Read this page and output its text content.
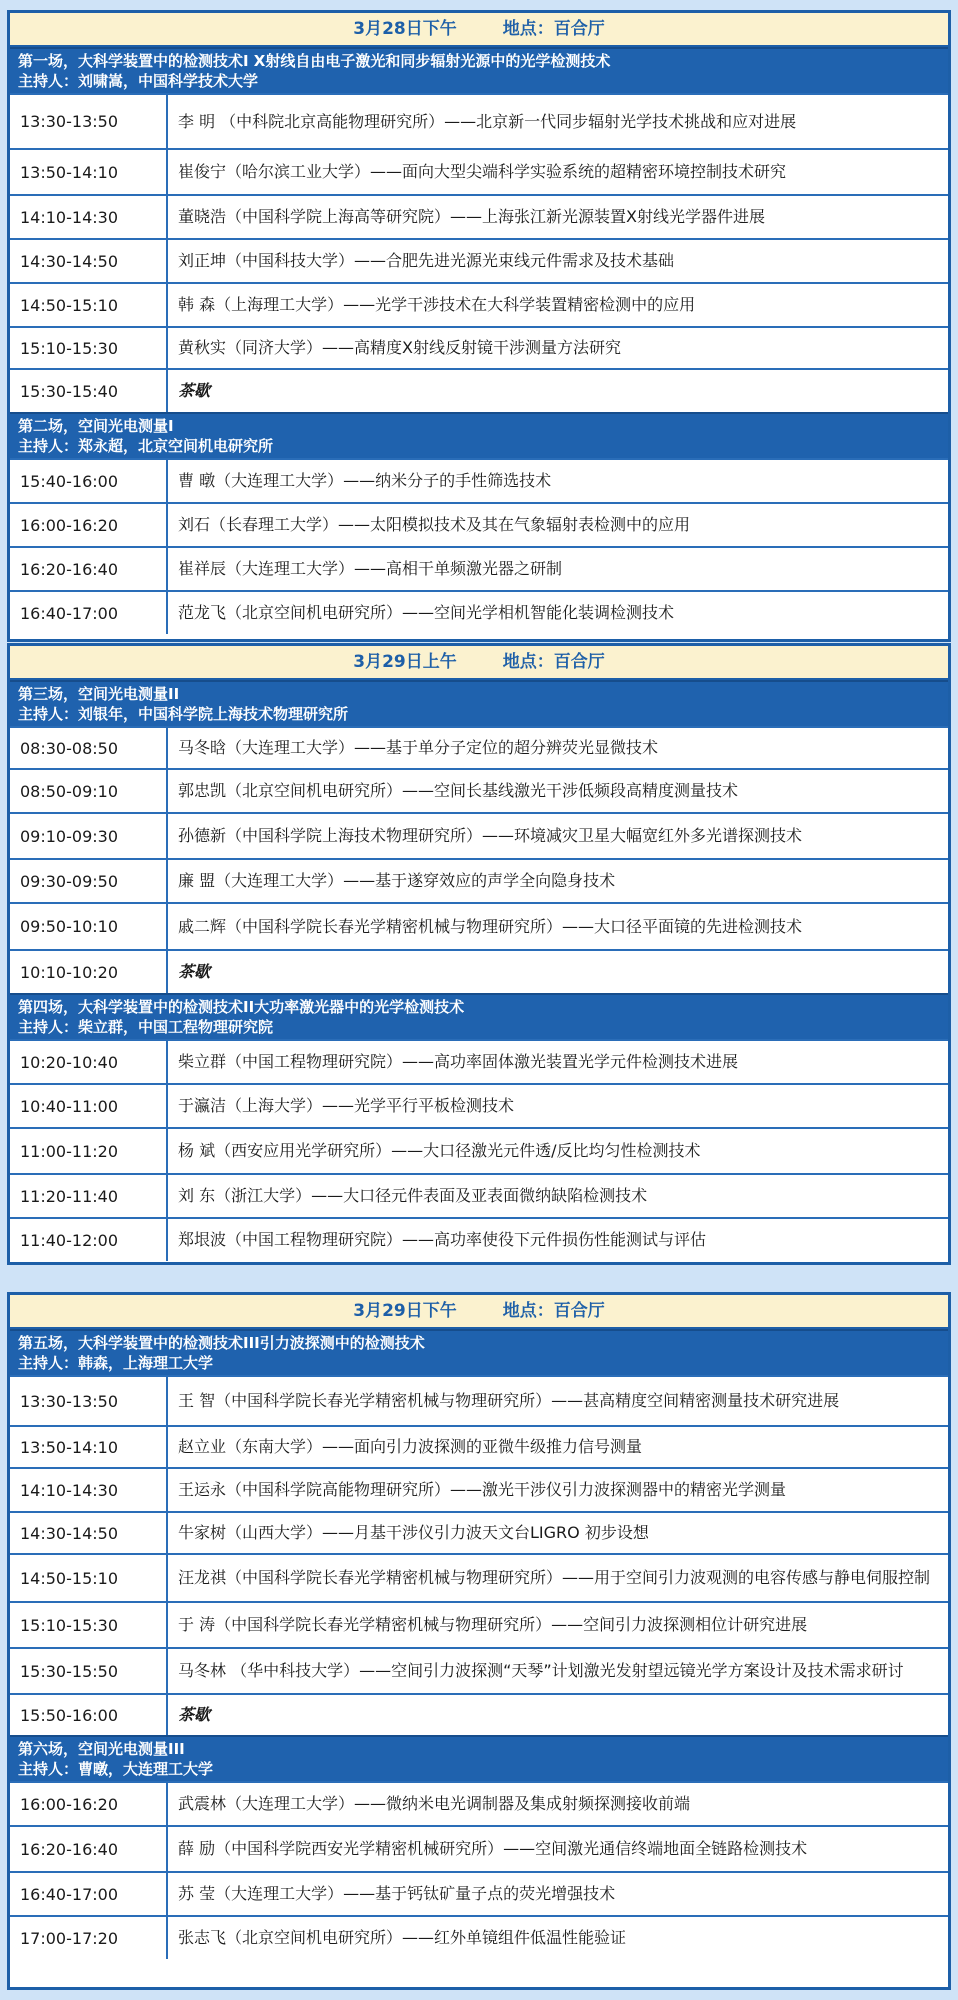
3月28日下午	地点：百合厅
第一场，大科学装置中的检测技术I X射线自由电子激光和同步辐射光源中的光学检测技术
主持人：刘啸嵩，中国科学技术大学
13:30-13:50	李 明 （中科院北京高能物理研究所）——北京新一代同步辐射光学技术挑战和应对进展
13:50-14:10	崔俊宁（哈尔滨工业大学）——面向大型尖端科学实验系统的超精密环境控制技术研究
14:10-14:30	董晓浩（中国科学院上海高等研究院）——上海张江新光源装置X射线光学器件进展
14:30-14:50	刘正坤（中国科技大学）——合肥先进光源光束线元件需求及技术基础
14:50-15:10	韩 森（上海理工大学）——光学干涉技术在大科学装置精密检测中的应用
15:10-15:30	黄秋实（同济大学）——高精度X射线反射镜干涉测量方法研究
15:30-15:40	茶歇
第二场，空间光电测量I
主持人：郑永超，北京空间机电研究所
15:40-16:00	曹 暾（大连理工大学）——纳米分子的手性筛选技术
16:00-16:20	刘石（长春理工大学）——太阳模拟技术及其在气象辐射表检测中的应用
16:20-16:40	崔祥辰（大连理工大学）——高相干单频激光器之研制
16:40-17:00	范龙飞（北京空间机电研究所）——空间光学相机智能化装调检测技术
3月29日上午	地点：百合厅
第三场，空间光电测量II
主持人：刘银年，中国科学院上海技术物理研究所
08:30-08:50	马冬晗（大连理工大学）——基于单分子定位的超分辨荧光显微技术
08:50-09:10	郭忠凯（北京空间机电研究所）——空间长基线激光干涉低频段高精度测量技术
09:10-09:30	孙德新（中国科学院上海技术物理研究所）——环境减灾卫星大幅宽红外多光谱探测技术
09:30-09:50	廉 盟（大连理工大学）——基于遂穿效应的声学全向隐身技术
09:50-10:10	戚二辉（中国科学院长春光学精密机械与物理研究所）——大口径平面镜的先进检测技术
10:10-10:20	茶歇
第四场，大科学装置中的检测技术II大功率激光器中的光学检测技术
主持人：柴立群，中国工程物理研究院
10:20-10:40	柴立群（中国工程物理研究院）——高功率固体激光装置光学元件检测技术进展
10:40-11:00	于瀛洁（上海大学）——光学平行平板检测技术
11:00-11:20	杨 斌（西安应用光学研究所）——大口径激光元件透/反比均匀性检测技术
11:20-11:40	刘 东（浙江大学）——大口径元件表面及亚表面微纳缺陷检测技术
11:40-12:00	郑垠波（中国工程物理研究院）——高功率使役下元件损伤性能测试与评估
3月29日下午	地点：百合厅
第五场，大科学装置中的检测技术III引力波探测中的检测技术
主持人：韩森，上海理工大学
13:30-13:50	王 智（中国科学院长春光学精密机械与物理研究所）——甚高精度空间精密测量技术研究进展
13:50-14:10	赵立业（东南大学）——面向引力波探测的亚微牛级推力信号测量
14:10-14:30	王运永（中国科学院高能物理研究所）——激光干涉仪引力波探测器中的精密光学测量
14:30-14:50	牛家树（山西大学）——月基干涉仪引力波天文台LIGRO 初步设想
14:50-15:10	汪龙祺（中国科学院长春光学精密机械与物理研究所）——用于空间引力波观测的电容传感与静电伺服控制
15:10-15:30	于 涛（中国科学院长春光学精密机械与物理研究所）——空间引力波探测相位计研究进展
15:30-15:50	马冬林 （华中科技大学）——空间引力波探测“天琴”计划激光发射望远镜光学方案设计及技术需求研讨
15:50-16:00	茶歇
第六场，空间光电测量III
主持人：曹暾，大连理工大学
16:00-16:20	武震林（大连理工大学）——微纳米电光调制器及集成射频探测接收前端
16:20-16:40	薛 励（中国科学院西安光学精密机械研究所）——空间激光通信终端地面全链路检测技术
16:40-17:00	苏 莹（大连理工大学）——基于钙钛矿量子点的荧光增强技术
17:00-17:20	张志飞（北京空间机电研究所）——红外单镜组件低温性能验证
